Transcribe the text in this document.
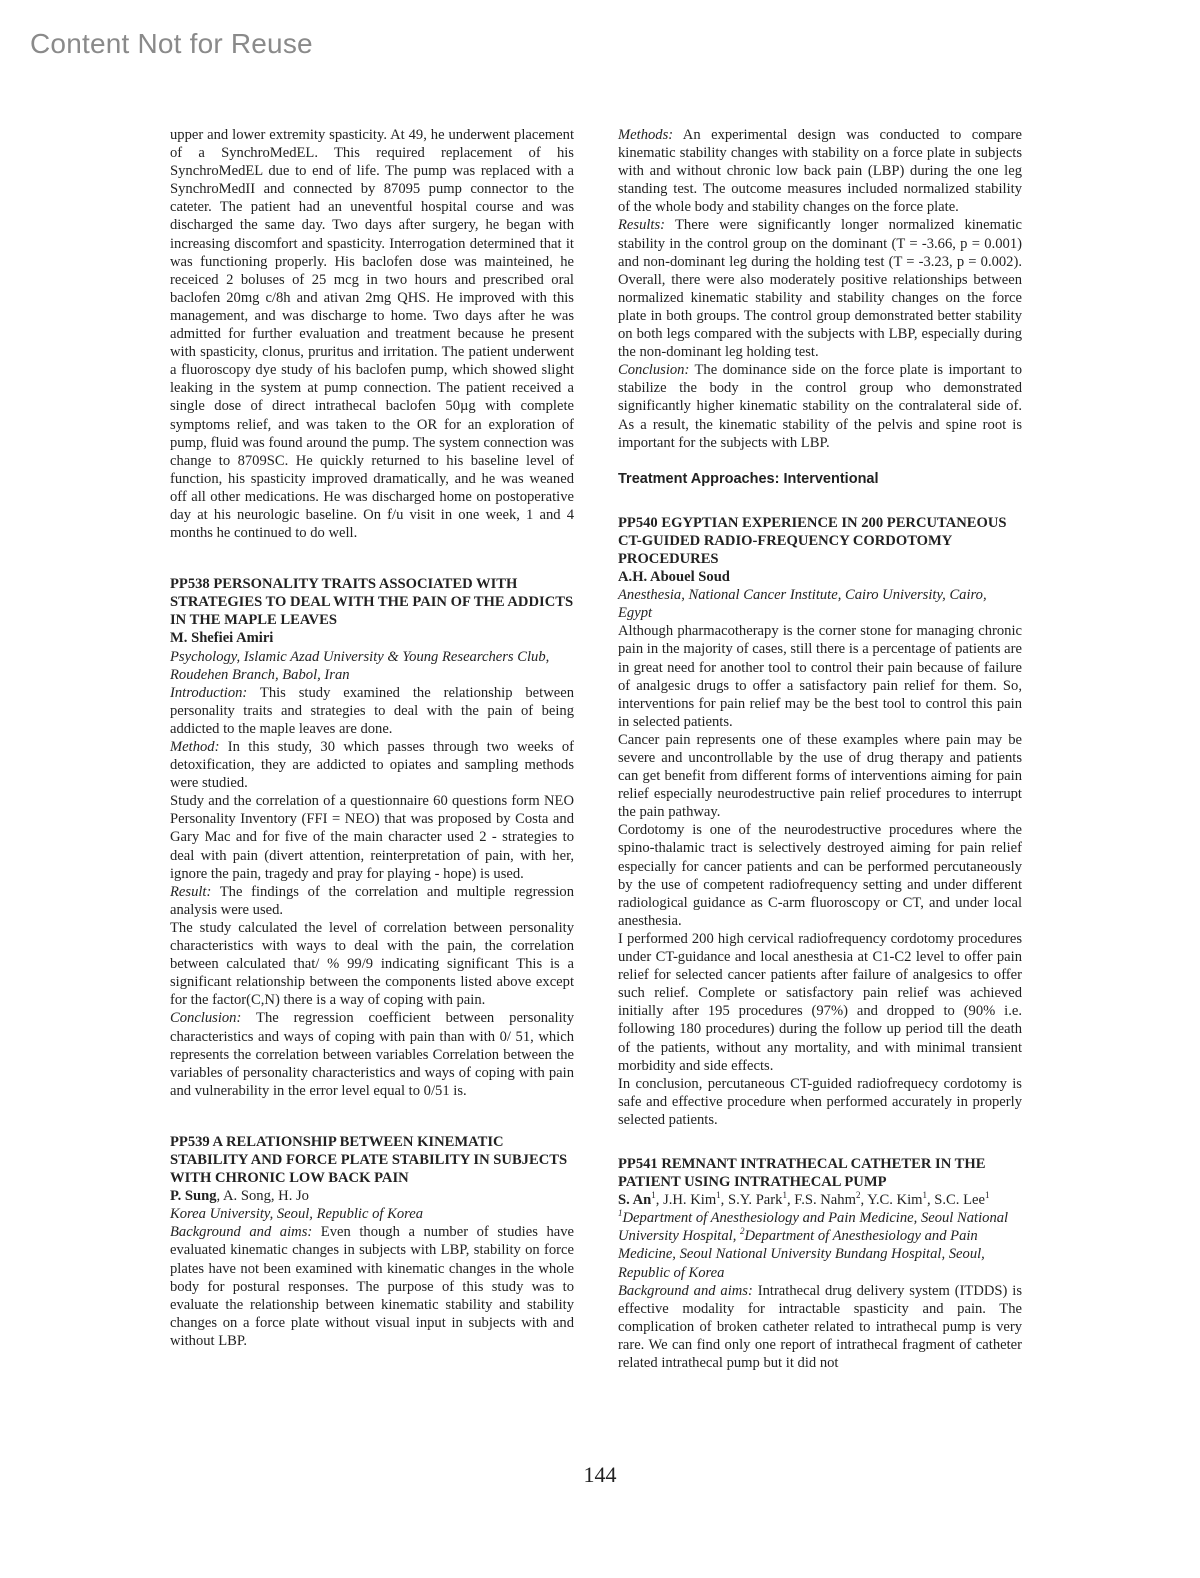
Content Not for Reuse

upper and lower extremity spasticity. At 49, he underwent placement of a SynchroMedEL. This required replacement of his SynchroMedEL due to end of life. The pump was replaced with a SynchroMedII and connected by 87095 pump connector to the cateter. The patient had an uneventful hospital course and was discharged the same day. Two days after surgery, he began with increasing discomfort and spasticity. Interrogation determined that it was functioning properly. His baclofen dose was mainteined, he receiced 2 boluses of 25 mcg in two hours and prescribed oral baclofen 20mg c/8h and ativan 2mg QHS. He improved with this management, and was discharge to home. Two days after he was admitted for further evaluation and treatment because he present with spasticity, clonus, pruritus and irritation. The patient underwent a fluoroscopy dye study of his baclofen pump, which showed slight leaking in the system at pump connection. The patient received a single dose of direct intrathecal baclofen 50µg with complete symptoms relief, and was taken to the OR for an exploration of pump, fluid was found around the pump. The system connection was change to 8709SC. He quickly returned to his baseline level of function, his spasticity improved dramatically, and he was weaned off all other medications. He was discharged home on postoperative day at his neurologic baseline. On f/u visit in one week, 1 and 4 months he continued to do well.

PP538 PERSONALITY TRAITS ASSOCIATED WITH STRATEGIES TO DEAL WITH THE PAIN OF THE ADDICTS IN THE MAPLE LEAVES

M. Shefiei Amiri

Psychology, Islamic Azad University & Young Researchers Club, Roudehen Branch, Babol, Iran

Introduction: This study examined the relationship between personality traits and strategies to deal with the pain of being addicted to the maple leaves are done.

Method: In this study, 30 which passes through two weeks of detoxification, they are addicted to opiates and sampling methods were studied.

Study and the correlation of a questionnaire 60 questions form NEO Personality Inventory (FFI = NEO) that was proposed by Costa and Gary Mac and for five of the main character used 2 - strategies to deal with pain (divert attention, reinterpretation of pain, with her, ignore the pain, tragedy and pray for playing - hope) is used.

Result: The findings of the correlation and multiple regression analysis were used.

The study calculated the level of correlation between personality characteristics with ways to deal with the pain, the correlation between calculated that/ % 99/9 indicating significant This is a significant relationship between the components listed above except for the factor(C,N) there is a way of coping with pain.

Conclusion: The regression coefficient between personality characteristics and ways of coping with pain than with 0/ 51, which represents the correlation between variables Correlation between the variables of personality characteristics and ways of coping with pain and vulnerability in the error level equal to 0/51 is.

PP539 A RELATIONSHIP BETWEEN KINEMATIC STABILITY AND FORCE PLATE STABILITY IN SUBJECTS WITH CHRONIC LOW BACK PAIN

P. Sung, A. Song, H. Jo

Korea University, Seoul, Republic of Korea

Background and aims: Even though a number of studies have evaluated kinematic changes in subjects with LBP, stability on force plates have not been examined with kinematic changes in the whole body for postural responses. The purpose of this study was to evaluate the relationship between kinematic stability and stability changes on a force plate without visual input in subjects with and without LBP.

Methods: An experimental design was conducted to compare kinematic stability changes with stability on a force plate in subjects with and without chronic low back pain (LBP) during the one leg standing test. The outcome measures included normalized stability of the whole body and stability changes on the force plate.

Results: There were significantly longer normalized kinematic stability in the control group on the dominant (T = -3.66, p = 0.001) and non-dominant leg during the holding test (T = -3.23, p = 0.002). Overall, there were also moderately positive relationships between normalized kinematic stability and stability changes on the force plate in both groups. The control group demonstrated better stability on both legs compared with the subjects with LBP, especially during the non-dominant leg holding test.

Conclusion: The dominance side on the force plate is important to stabilize the body in the control group who demonstrated significantly higher kinematic stability on the contralateral side of. As a result, the kinematic stability of the pelvis and spine root is important for the subjects with LBP.

Treatment Approaches: Interventional

PP540 EGYPTIAN EXPERIENCE IN 200 PERCUTANEOUS CT-GUIDED RADIO-FREQUENCY CORDOTOMY PROCEDURES

A.H. Abouel Soud

Anesthesia, National Cancer Institute, Cairo University, Cairo, Egypt

Although pharmacotherapy is the corner stone for managing chronic pain in the majority of cases, still there is a percentage of patients are in great need for another tool to control their pain because of failure of analgesic drugs to offer a satisfactory pain relief for them. So, interventions for pain relief may be the best tool to control this pain in selected patients.

Cancer pain represents one of these examples where pain may be severe and uncontrollable by the use of drug therapy and patients can get benefit from different forms of interventions aiming for pain relief especially neurodestructive pain relief procedures to interrupt the pain pathway.

Cordotomy is one of the neurodestructive procedures where the spino-thalamic tract is selectively destroyed aiming for pain relief especially for cancer patients and can be performed percutaneously by the use of competent radiofrequency setting and under different radiological guidance as C-arm fluoroscopy or CT, and under local anesthesia.

I performed 200 high cervical radiofrequency cordotomy procedures under CT-guidance and local anesthesia at C1-C2 level to offer pain relief for selected cancer patients after failure of analgesics to offer such relief. Complete or satisfactory pain relief was achieved initially after 195 procedures (97%) and dropped to (90% i.e. following 180 procedures) during the follow up period till the death of the patients, without any mortality, and with minimal transient morbidity and side effects.

In conclusion, percutaneous CT-guided radiofrequecy cordotomy is safe and effective procedure when performed accurately in properly selected patients.

PP541 REMNANT INTRATHECAL CATHETER IN THE PATIENT USING INTRATHECAL PUMP

S. An$^1$, J.H. Kim$^1$, S.Y. Park$^1$, F.S. Nahm$^2$, Y.C. Kim$^1$, S.C. Lee$^1$

$^1$Department of Anesthesiology and Pain Medicine, Seoul National University Hospital, $^2$Department of Anesthesiology and Pain Medicine, Seoul National University Bundang Hospital, Seoul, Republic of Korea

Background and aims: Intrathecal drug delivery system (ITDDS) is effective modality for intractable spasticity and pain. The complication of broken catheter related to intrathecal pump is very rare. We can find only one report of intrathecal fragment of catheter related intrathecal pump but it did not

144
